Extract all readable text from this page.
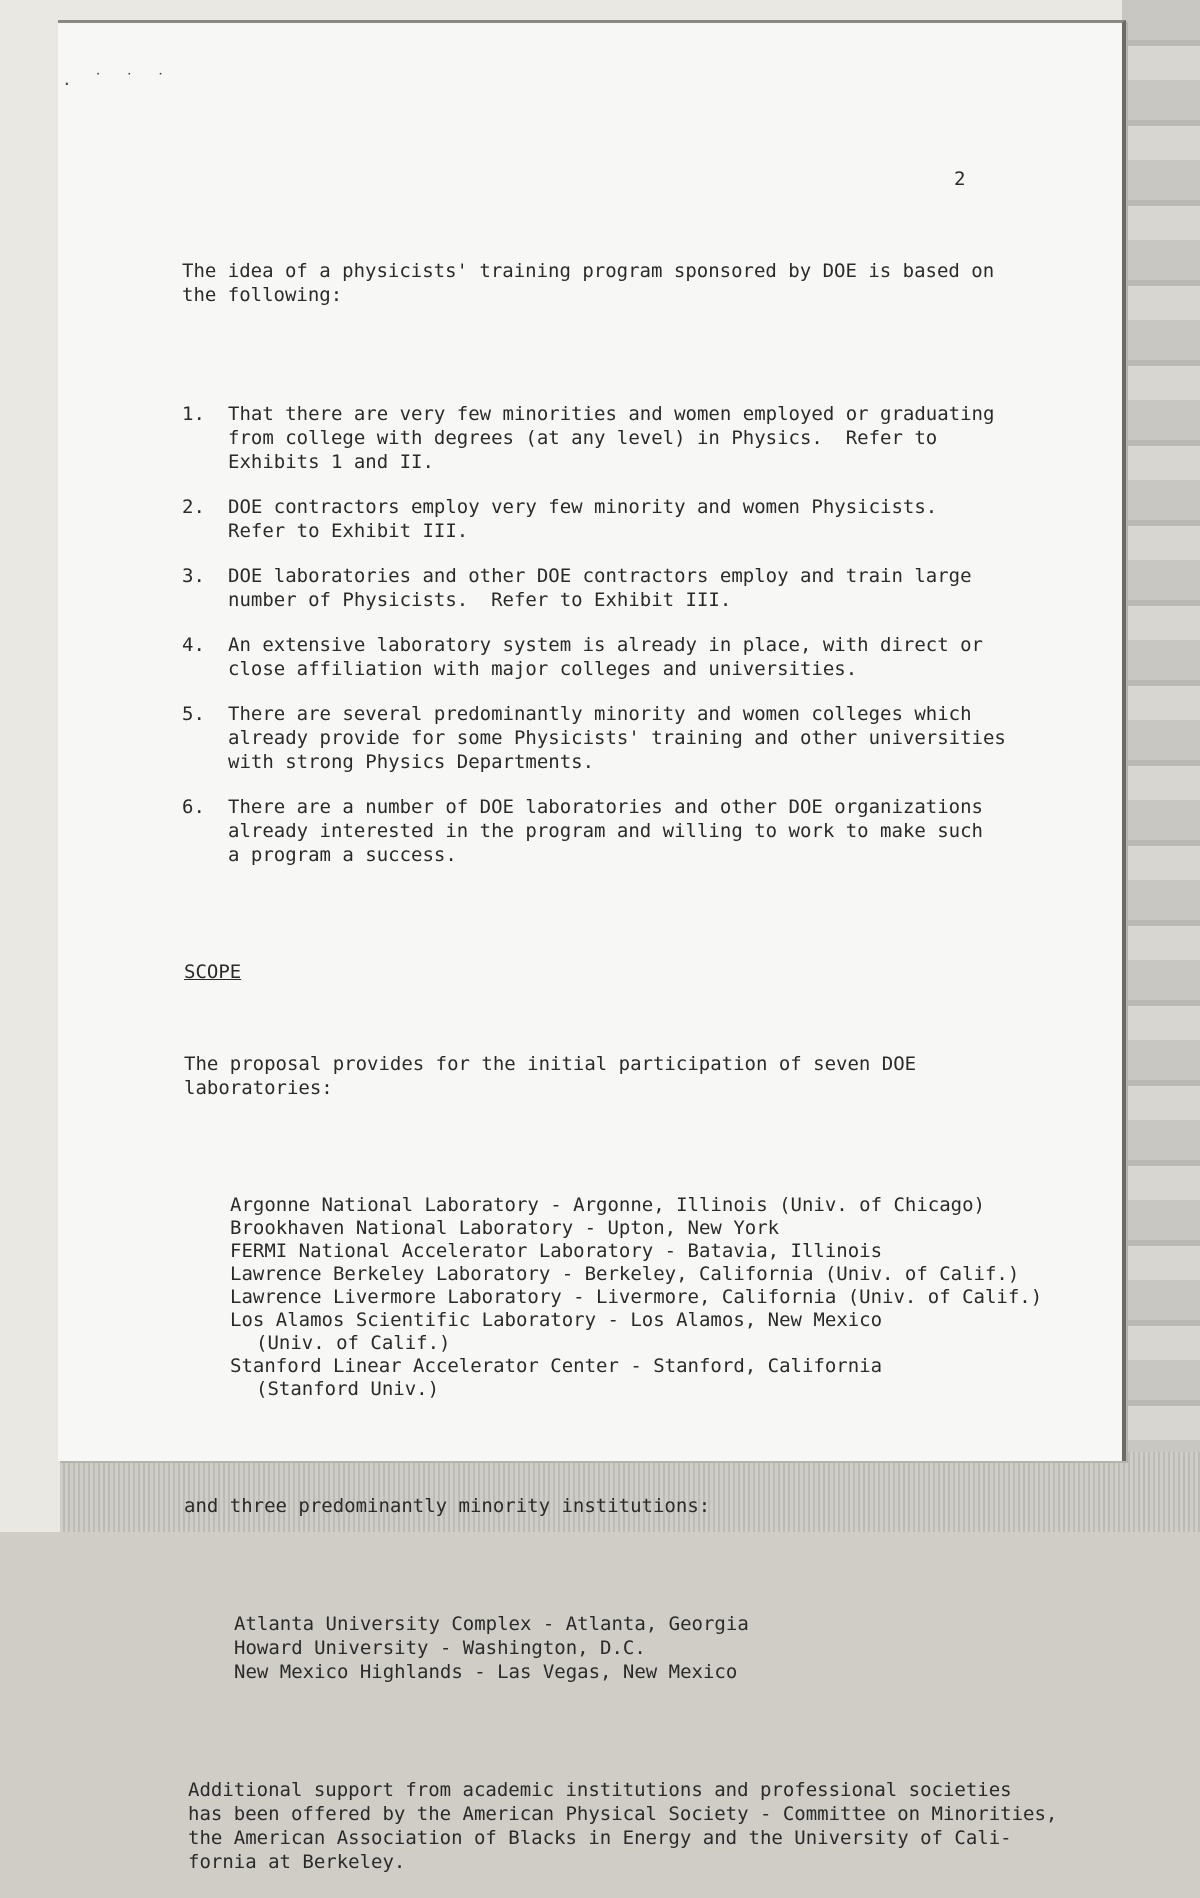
. ˙ ˙ ˙
2

The idea of a physicists' training program sponsored by DOE is based on
the following:

1. That there are very few minorities and women employed or graduating
from college with degrees (at any level) in Physics.  Refer to
Exhibits 1 and II.
2. DOE contractors employ very few minority and women Physicists.
Refer to Exhibit III.
3. DOE laboratories and other DOE contractors employ and train large
number of Physicists.  Refer to Exhibit III.
4. An extensive laboratory system is already in place, with direct or
close affiliation with major colleges and universities.
5. There are several predominantly minority and women colleges which
already provide for some Physicists' training and other universities
with strong Physics Departments.
6. There are a number of DOE laboratories and other DOE organizations
already interested in the program and willing to work to make such
a program a success.

SCOPE

The proposal provides for the initial participation of seven DOE
laboratories:

Argonne National Laboratory - Argonne, Illinois (Univ. of Chicago)
Brookhaven National Laboratory - Upton, New York
FERMI National Accelerator Laboratory - Batavia, Illinois
Lawrence Berkeley Laboratory - Berkeley, California (Univ. of Calif.)
Lawrence Livermore Laboratory - Livermore, California (Univ. of Calif.)
Los Alamos Scientific Laboratory - Los Alamos, New Mexico
(Univ. of Calif.)
Stanford Linear Accelerator Center - Stanford, California
(Stanford Univ.)

and three predominantly minority institutions:

Atlanta University Complex - Atlanta, Georgia
Howard University - Washington, D.C.
New Mexico Highlands - Las Vegas, New Mexico

Additional support from academic institutions and professional societies
has been offered by the American Physical Society - Committee on Minorities,
the American Association of Blacks in Energy and the University of Cali-
fornia at Berkeley.
